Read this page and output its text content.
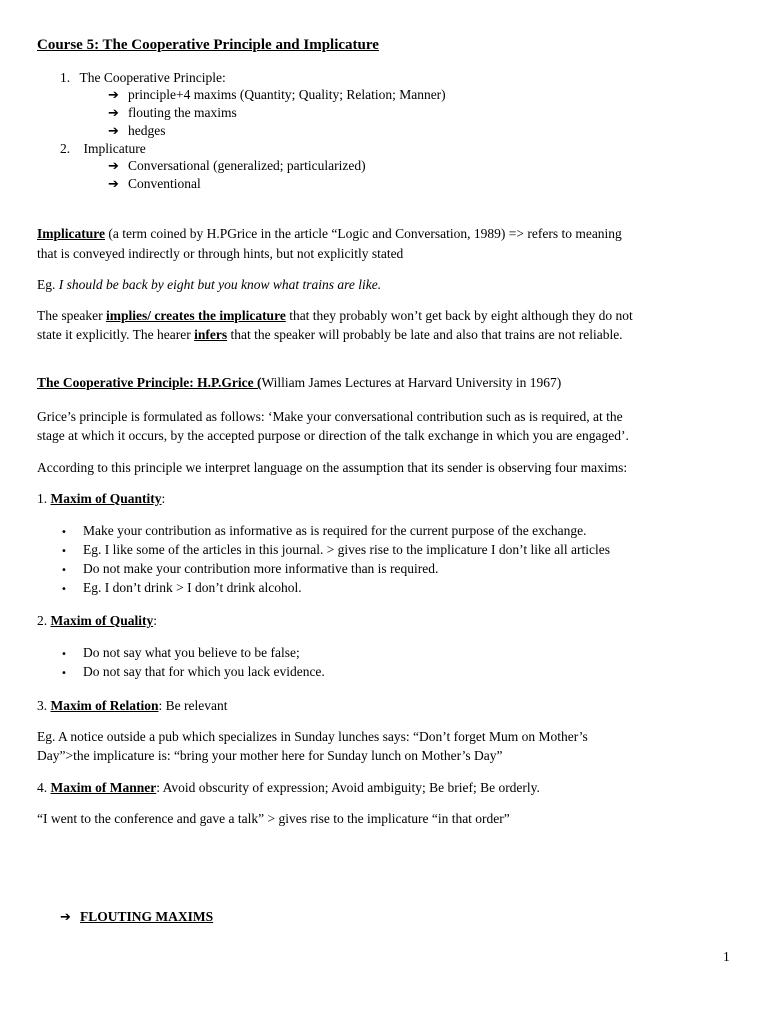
Course 5: The Cooperative Principle and Implicature
1. The Cooperative Principle:
➔ principle+4 maxims (Quantity; Quality; Relation; Manner)
➔ flouting the maxims
➔ hedges
2. Implicature
➔ Conversational (generalized; particularized)
➔ Conventional
Implicature (a term coined by H.PGrice in the article “Logic and Conversation, 1989) => refers to meaning
that is conveyed indirectly or through hints, but not explicitly stated
Eg. I should be back by eight but you know what trains are like.
The speaker implies/ creates the implicature that they probably won’t get back by eight although they do not
state it explicitly. The hearer infers that the speaker will probably be late and also that trains are not reliable.
The Cooperative Principle: H.P.Grice (William James Lectures at Harvard University in 1967)
Grice’s principle is formulated as follows: ‘Make your conversational contribution such as is required, at the
stage at which it occurs, by the accepted purpose or direction of the talk exchange in which you are engaged’.
According to this principle we interpret language on the assumption that its sender is observing four maxims:
1. Maxim of Quantity:
• Make your contribution as informative as is required for the current purpose of the exchange.
• Eg. I like some of the articles in this journal. > gives rise to the implicature I don’t like all articles
• Do not make your contribution more informative than is required.
• Eg. I don’t drink > I don’t drink alcohol.
2. Maxim of Quality:
• Do not say what you believe to be false;
• Do not say that for which you lack evidence.
3. Maxim of Relation: Be relevant
Eg. A notice outside a pub which specializes in Sunday lunches says: “Don’t forget Mum on Mother’s
Day”>the implicature is: “bring your mother here for Sunday lunch on Mother’s Day”
4. Maxim of Manner: Avoid obscurity of expression; Avoid ambiguity; Be brief; Be orderly.
“I went to the conference and gave a talk” > gives rise to the implicature “in that order”
➔ FLOUTING MAXIMS
1
